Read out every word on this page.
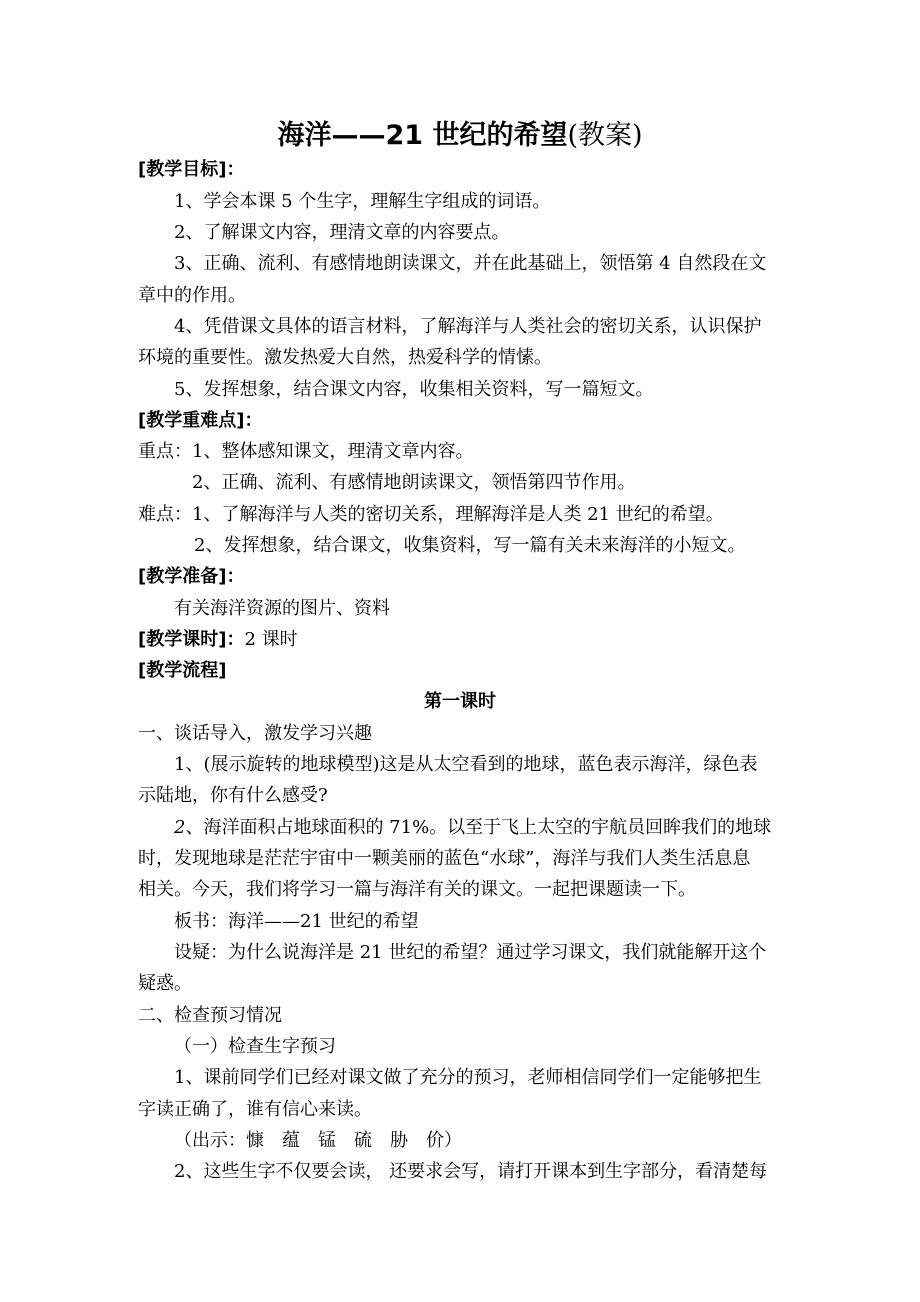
海洋——21 世纪的希望(教案)
[教学目标]：
1、学会本课 5 个生字，理解生字组成的词语。
2、了解课文内容，理清文章的内容要点。
3、正确、流利、有感情地朗读课文，并在此基础上，领悟第 4 自然段在文
章中的作用。
4、凭借课文具体的语言材料，了解海洋与人类社会的密切关系，认识保护
环境的重要性。激发热爱大自然，热爱科学的情愫。
5、发挥想象，结合课文内容，收集相关资料，写一篇短文。
[教学重难点]：
重点：1、整体感知课文，理清文章内容。
2、正确、流利、有感情地朗读课文，领悟第四节作用。
难点：1、了解海洋与人类的密切关系，理解海洋是人类 21 世纪的希望。
2、发挥想象，结合课文，收集资料，写一篇有关未来海洋的小短文。
[教学准备]：
有关海洋资源的图片、资料
[教学课时]：2 课时
[教学流程]
第一课时
一、谈话导入，激发学习兴趣
1、(展示旋转的地球模型)这是从太空看到的地球，蓝色表示海洋，绿色表
示陆地，你有什么感受?
2、海洋面积占地球面积的 71%。以至于飞上太空的宇航员回眸我们的地球
时，发现地球是茫茫宇宙中一颗美丽的蓝色“水球”，海洋与我们人类生活息息
相关。今天，我们将学习一篇与海洋有关的课文。一起把课题读一下。
板书：海洋——21 世纪的希望
设疑：为什么说海洋是 21 世纪的希望？通过学习课文，我们就能解开这个
疑惑。
二、检查预习情况
（一）检查生字预习
1、课前同学们已经对课文做了充分的预习，老师相信同学们一定能够把生
字读正确了，谁有信心来读。
（出示：慷　蕴　锰　硫　胁　价）
2、这些生字不仅要会读， 还要求会写，请打开课本到生字部分，看清楚每
